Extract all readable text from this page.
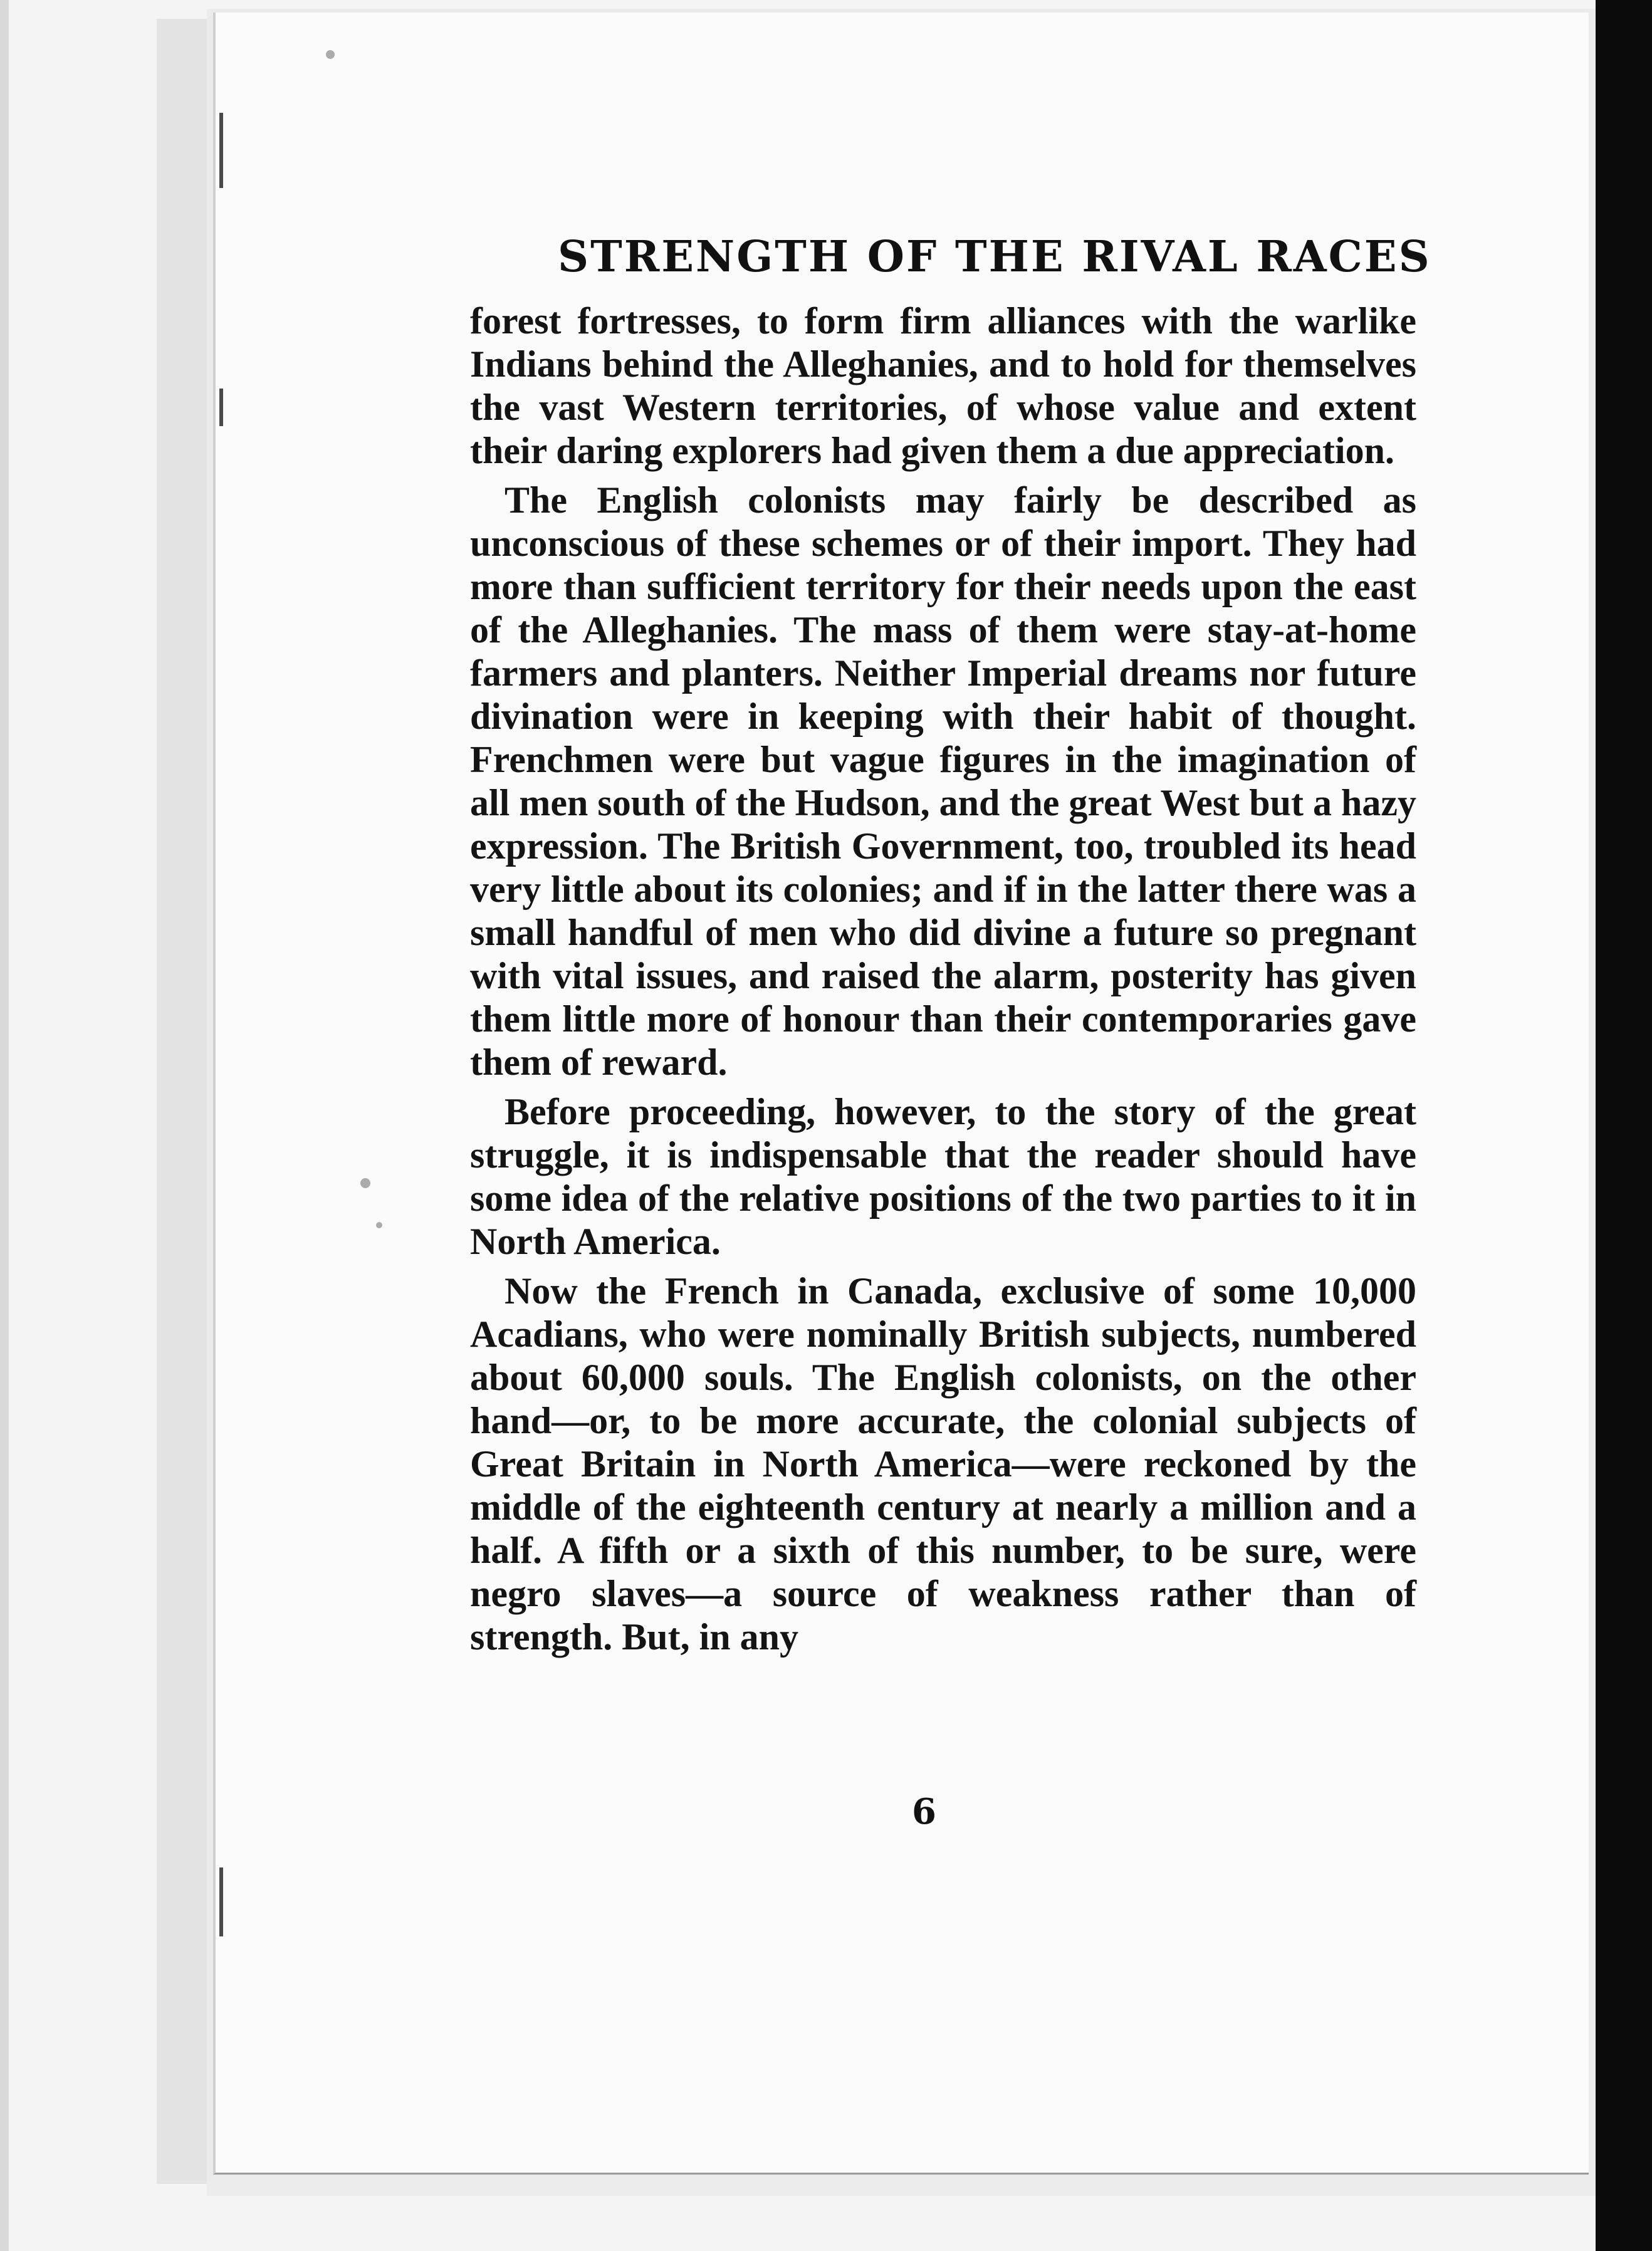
STRENGTH OF THE RIVAL RACES

forest fortresses, to form firm alliances with the warlike Indians behind the Alleghanies, and to hold for themselves the vast Western territories, of whose value and extent their daring explorers had given them a due appreciation.

The English colonists may fairly be described as unconscious of these schemes or of their import. They had more than sufficient territory for their needs upon the east of the Alleghanies. The mass of them were stay-at-home farmers and planters. Neither Imperial dreams nor future divination were in keeping with their habit of thought. Frenchmen were but vague figures in the imagination of all men south of the Hudson, and the great West but a hazy expression. The British Government, too, troubled its head very little about its colonies; and if in the latter there was a small handful of men who did divine a future so pregnant with vital issues, and raised the alarm, posterity has given them little more of honour than their contemporaries gave them of reward.

Before proceeding, however, to the story of the great struggle, it is indispensable that the reader should have some idea of the relative positions of the two parties to it in North America.

Now the French in Canada, exclusive of some 10,000 Acadians, who were nominally British subjects, numbered about 60,000 souls. The English colonists, on the other hand—or, to be more accurate, the colonial subjects of Great Britain in North America—were reckoned by the middle of the eighteenth century at nearly a million and a half. A fifth or a sixth of this number, to be sure, were negro slaves—a source of weakness rather than of strength. But, in any

6
